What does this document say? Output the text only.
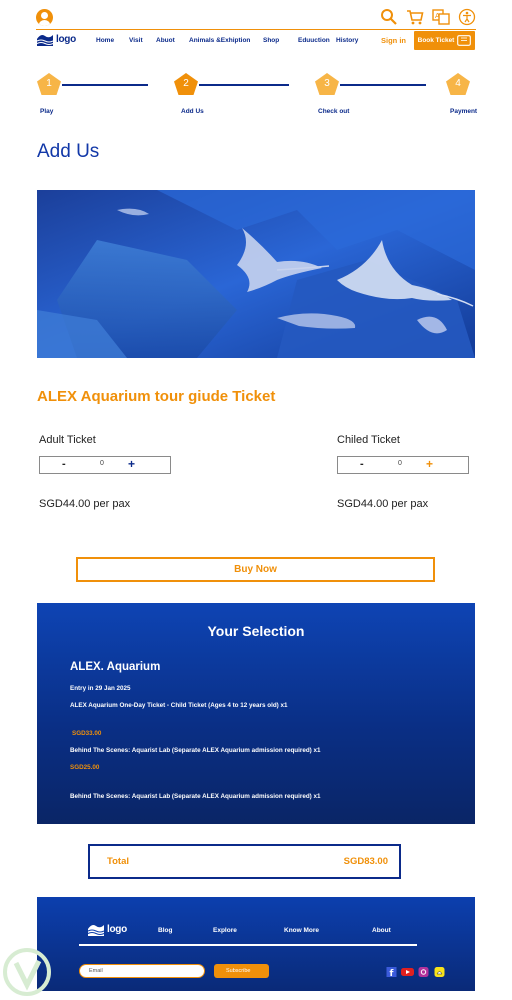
A
logo	Home Visit Abuot Animals &Exhiption Shop	Eduuction History	Sign in Book Ticket
1	2	3	4
Play	Add Us	Check out	Payment
Add Us
ALEX Aquarium tour giude Ticket
Adult Ticket
-	0	+
SGD44.00 per pax
Chiled Ticket
-	0	+
SGD44.00 per pax
Buy Now
Your Selection
ALEX. Aquarium
Entry in 29 Jan 2025
ALEX Aquarium One-Day Ticket - Child Ticket (Ages 4 to 12 years old) x1
SGD33.00
Behind The Scenes: Aquarist Lab (Separate ALEX Aquarium admission required) x1
SGD25.00
Behind The Scenes: Aquarist Lab (Separate ALEX Aquarium admission required) x1
Total	SGD83.00
logo	Blog	Explore	Know More	About
Email	Subscribe	f
